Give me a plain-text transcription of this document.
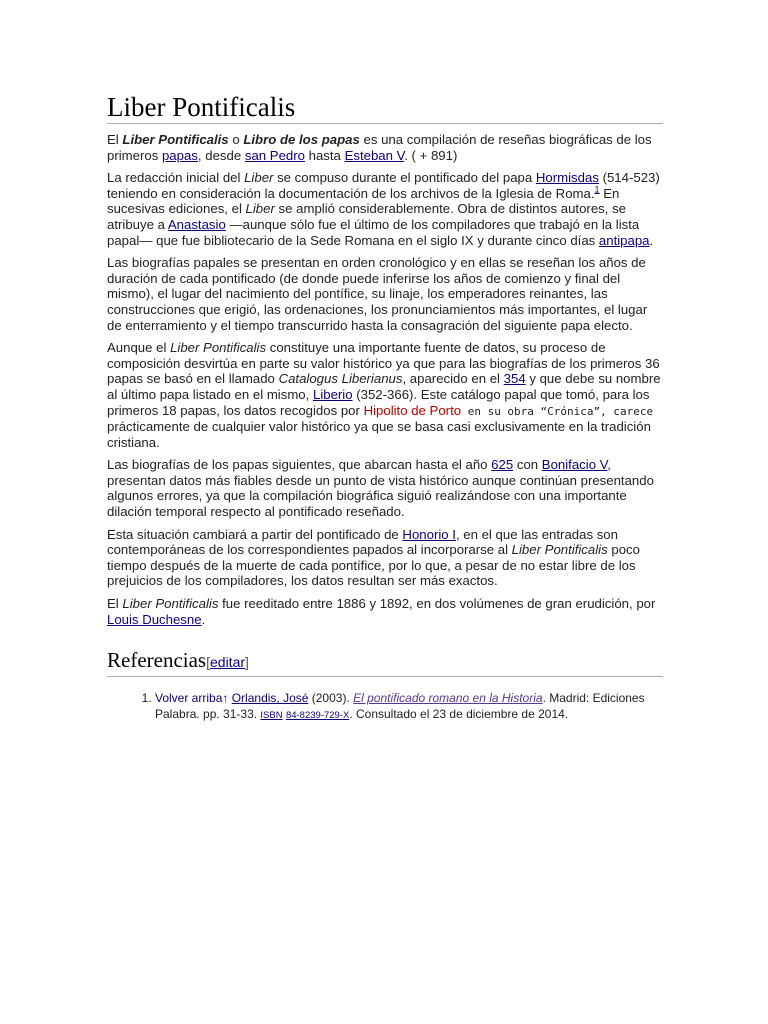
Liber Pontificalis

El Liber Pontificalis o Libro de los papas es una compilación de reseñas biográficas de los primeros papas, desde san Pedro hasta Esteban V. ( + 891)

La redacción inicial del Liber se compuso durante el pontificado del papa Hormisdas (514-523) teniendo en consideración la documentación de los archivos de la Iglesia de Roma.$^1$ En sucesivas ediciones, el Liber se amplió considerablemente. Obra de distintos autores, se atribuye a Anastasio —aunque sólo fue el último de los compiladores que trabajó en la lista papal— que fue bibliotecario de la Sede Romana en el siglo IX y durante cinco días antipapa.

Las biografías papales se presentan en orden cronológico y en ellas se reseñan los años de duración de cada pontificado (de donde puede inferirse los años de comienzo y final del mismo), el lugar del nacimiento del pontífice, su linaje, los emperadores reinantes, las construcciones que erigió, las ordenaciones, los pronunciamientos más importantes, el lugar de enterramiento y el tiempo transcurrido hasta la consagración del siguiente papa electo.

Aunque el Liber Pontificalis constituye una importante fuente de datos, su proceso de composición desvirtúa en parte su valor histórico ya que para las biografías de los primeros 36 papas se basó en el llamado Catalogus Liberianus, aparecido en el 354 y que debe su nombre al último papa listado en el mismo, Liberio (352-366). Este catálogo papal que tomó, para los primeros 18 papas, los datos recogidos por Hipolito de Porto en su obra “Crónica”, carece prácticamente de cualquier valor histórico ya que se basa casi exclusivamente en la tradición cristiana.

Las biografías de los papas siguientes, que abarcan hasta el año 625 con Bonifacio V, presentan datos más fiables desde un punto de vista histórico aunque continúan presentando algunos errores, ya que la compilación biográfica siguió realizándose con una importante dilación temporal respecto al pontificado reseñado.

Esta situación cambiará a partir del pontificado de Honorio I, en el que las entradas son contemporáneas de los correspondientes papados al incorporarse al Liber Pontificalis poco tiempo después de la muerte de cada pontífice, por lo que, a pesar de no estar libre de los prejuicios de los compiladores, los datos resultan ser más exactos.

El Liber Pontificalis fue reeditado entre 1886 y 1892, en dos volúmenes de gran erudición, por Louis Duchesne.

Referencias[editar]
1. Volver arriba↑ Orlandis, José (2003). El pontificado romano en la Historia. Madrid: Ediciones Palabra. pp. 31-33. ISBN 84-8239-729-X. Consultado el 23 de diciembre de 2014.
